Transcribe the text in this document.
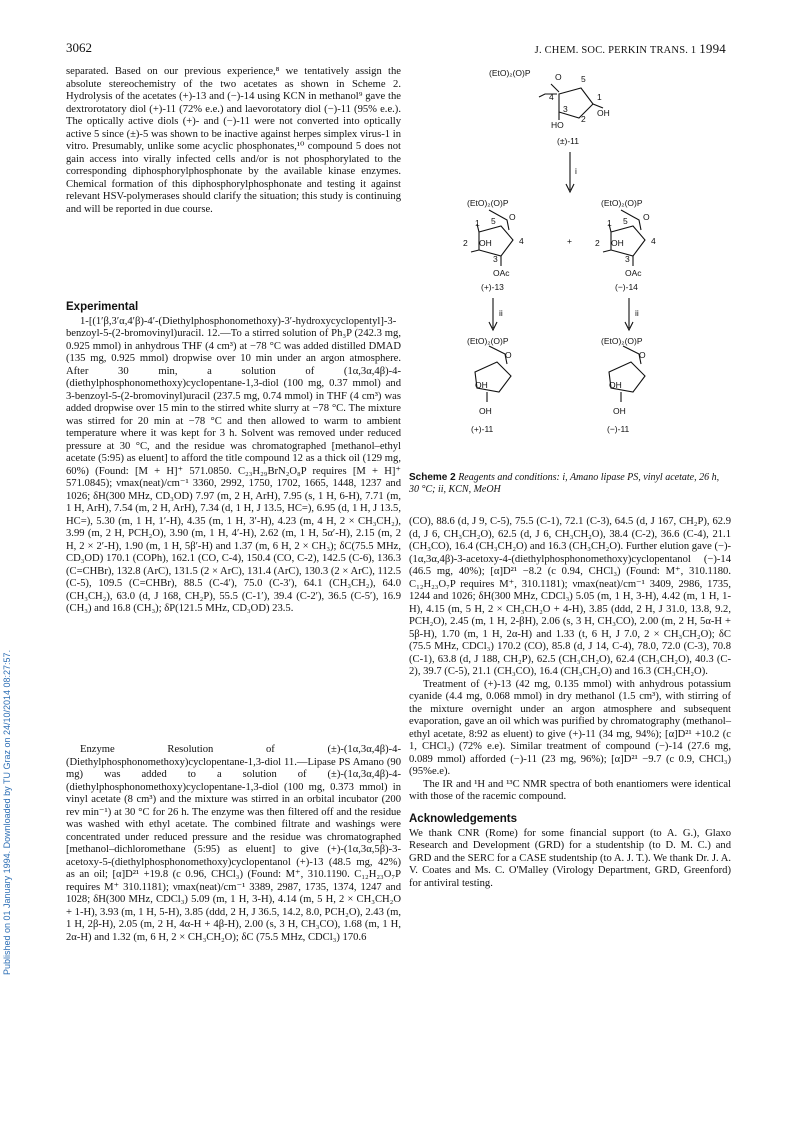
3062	J. CHEM. SOC. PERKIN TRANS. 1 1994
Published on 01 January 1994. Downloaded by TU Graz on 24/10/2014 08:27:57.

separated. Based on our previous experience,⁸ we tentatively assign the absolute stereochemistry of the two acetates as shown in Scheme 2. Hydrolysis of the acetates (+)-13 and (−)-14 using KCN in methanol⁹ gave the dextrorotatory diol (+)-11 (72% e.e.) and laevorotatory diol (−)-11 (95% e.e.). The optically active diols (+)- and (−)-11 were not converted into optically active 5 since (±)-5 was shown to be inactive against herpes simplex virus-1 in vitro. Presumably, unlike some acyclic phosphonates,¹⁰ compound 5 does not gain access into virally infected cells and/or is not phosphorylated to the corresponding diphosphorylphosphonate by the available kinase enzymes. Chemical formation of this diphosphorylphosphonate and testing it against relevant HSV-polymerases should clarify the situation; this study is continuing and will be reported in due course.

Experimental

1-[(1′β,3′α,4′β)-4′-(Diethylphosphonomethoxy)-3′-hydroxycyclopentyl]-3-benzoyl-5-(2-bromovinyl)uracil. 12.—To a stirred solution of Ph₃P (242.3 mg, 0.925 mmol) in anhydrous THF (4 cm³) at −78 °C was added distilled DMAD (135 mg, 0.925 mmol) dropwise over 10 min under an argon atmosphere. After 30 min, a solution of (1α,3α,4β)-4-(diethylphosphonomethoxy)cyclopentane-1,3-diol (100 mg, 0.37 mmol) and 3-benzoyl-5-(2-bromovinyl)uracil (237.5 mg, 0.74 mmol) in THF (4 cm³) was added dropwise over 15 min to the stirred white slurry at −78 °C. The mixture was stirred for 20 min at −78 °C and then allowed to warm to ambient temperature where it was kept for 3 h. Solvent was removed under reduced pressure at 30 °C, and the residue was chromatographed [methanol–ethyl acetate (5:95) as eluent] to afford the title compound 12 as a thick oil (129 mg, 60%) (Found: [M + H]⁺ 571.0850. C₂₃H₂₉BrN₂O₈P requires [M + H]⁺ 571.0845); νmax(neat)/cm⁻¹ 3360, 2992, 1750, 1702, 1665, 1448, 1237 and 1026; δH(300 MHz, CD₃OD) 7.97 (m, 2 H, ArH), 7.95 (s, 1 H, 6-H), 7.71 (m, 1 H, ArH), 7.54 (m, 2 H, ArH), 7.34 (d, 1 H, J 13.5, HC=), 6.95 (d, 1 H, J 13.5, HC=), 5.30 (m, 1 H, 1′-H), 4.35 (m, 1 H, 3′-H), 4.23 (m, 4 H, 2 × CH₃CH₂), 3.99 (m, 2 H, PCH₂O), 3.90 (m, 1 H, 4′-H), 2.62 (m, 1 H, 5α′-H), 2.15 (m, 2 H, 2 × 2′-H), 1.90 (m, 1 H, 5β′-H) and 1.37 (m, 6 H, 2 × CH₃); δC(75.5 MHz, CD₃OD) 170.1 (COPh), 162.1 (CO, C-4), 150.4 (CO, C-2), 142.5 (C-6), 136.3 (C=CHBr), 132.8 (ArC), 131.5 (2 × ArC), 131.4 (ArC), 130.3 (2 × ArC), 112.5 (C-5), 109.5 (C=CHBr), 88.5 (C-4′), 75.0 (C-3′), 64.1 (CH₃CH₂), 64.0 (CH₃CH₂), 63.0 (d, J 168, CH₂P), 55.5 (C-1′), 39.4 (C-2′), 36.5 (C-5′), 16.9 (CH₃) and 16.8 (CH₃); δP(121.5 MHz, CD₃OD) 23.5.

Enzyme Resolution of (±)-(1α,3α,4β)-4-(Diethylphosphonomethoxy)cyclopentane-1,3-diol 11.—Lipase PS Amano (90 mg) was added to a solution of (±)-(1α,3α,4β)-4-(diethylphosphonomethoxy)cyclopentane-1,3-diol (100 mg, 0.373 mmol) in vinyl acetate (8 cm³) and the mixture was stirred in an orbital incubator (200 rev min⁻¹) at 30 °C for 26 h. The enzyme was then filtered off and the residue was washed with ethyl acetate. The combined filtrate and washings were concentrated under reduced pressure and the residue was chromatographed [methanol–dichloromethane (5:95) as eluent] to give (+)-(1α,3α,5β)-3-acetoxy-5-(diethylphosphonomethoxy)cyclopentanol (+)-13 (48.5 mg, 42%) as an oil; [α]D²¹ +19.8 (c 0.96, CHCl₃) (Found: M⁺, 310.1190. C₁₂H₂₃O₇P requires M⁺ 310.1181); νmax(neat)/cm⁻¹ 3389, 2987, 1735, 1374, 1247 and 1028; δH(300 MHz, CDCl₃) 5.09 (m, 1 H, 3-H), 4.14 (m, 5 H, 2 × CH₃CH₂O + 1-H), 3.93 (m, 1 H, 5-H), 3.85 (ddd, 2 H, J 36.5, 14.2, 8.0, PCH₂O), 2.43 (m, 1 H, 2β-H), 2.05 (m, 2 H, 4α-H + 4β-H), 2.00 (s, 3 H, CH₃CO), 1.68 (m, 1 H, 2α-H) and 1.32 (m, 6 H, 2 × CH₃CH₂O); δC (75.5 MHz, CDCl₃) 170.6

(EtO)₂(O)P	O
4
5
1
3
2
OH
HO
(±)-11
i
(EtO)₂(O)P
O
1 5
2 OH	4
3
OAc
(+)-13
+
(EtO)₂(O)P
O
1 5
2 OH	4
3
OAc
(−)-14
ii	ii
(EtO)₂(O)P
O
OH
OH
(+)-11
(EtO)₂(O)P
O
OH
OH
(−)-11
Scheme 2 Reagents and conditions: i, Amano lipase PS, vinyl acetate, 26 h, 30 °C; ii, KCN, MeOH

(CO), 88.6 (d, J 9, C-5), 75.5 (C-1), 72.1 (C-3), 64.5 (d, J 167, CH₂P), 62.9 (d, J 6, CH₃CH₂O), 62.5 (d, J 6, CH₃CH₂O), 38.4 (C-2), 36.6 (C-4), 21.1 (CH₃CO), 16.4 (CH₃CH₂O) and 16.3 (CH₃CH₂O). Further elution gave (−)-(1α,3α,4β)-3-acetoxy-4-(diethylphosphonomethoxy)cyclopentanol (−)-14 (46.5 mg, 40%); [α]D²¹ −8.2 (c 0.94, CHCl₃) (Found: M⁺, 310.1180. C₁₂H₂₃O₇P requires M⁺, 310.1181); νmax(neat)/cm⁻¹ 3409, 2986, 1735, 1244 and 1026; δH(300 MHz, CDCl₃) 5.05 (m, 1 H, 3-H), 4.42 (m, 1 H, 1-H), 4.15 (m, 5 H, 2 × CH₃CH₂O + 4-H), 3.85 (ddd, 2 H, J 31.0, 13.8, 9.2, PCH₂O), 2.45 (m, 1 H, 2-βH), 2.06 (s, 3 H, CH₃CO), 2.00 (m, 2 H, 5α-H + 5β-H), 1.70 (m, 1 H, 2α-H) and 1.33 (t, 6 H, J 7.0, 2 × CH₃CH₂O); δC (75.5 MHz, CDCl₃) 170.2 (CO), 85.8 (d, J 14, C-4), 78.0, 72.0 (C-3), 70.8 (C-1), 63.8 (d, J 188, CH₂P), 62.5 (CH₃CH₂O), 62.4 (CH₃CH₂O), 40.3 (C-2), 39.7 (C-5), 21.1 (CH₃CO), 16.4 (CH₃CH₂O) and 16.3 (CH₃CH₂O).

Treatment of (+)-13 (42 mg, 0.135 mmol) with anhydrous potassium cyanide (4.4 mg, 0.068 mmol) in dry methanol (1.5 cm³), with stirring of the mixture overnight under an argon atmosphere and subsequent evaporation, gave an oil which was purified by chromatography (methanol–ethyl acetate, 8:92 as eluent) to give (+)-11 (34 mg, 94%); [α]D²¹ +10.2 (c 1, CHCl₃) (72% e.e). Similar treatment of compound (−)-14 (27.6 mg, 0.089 mmol) afforded (−)-11 (23 mg, 96%); [α]D²¹ −9.7 (c 0.9, CHCl₃) (95%e.e).

The IR and ¹H and ¹³C NMR spectra of both enantiomers were identical with those of the racemic compound.

Acknowledgements

We thank CNR (Rome) for some financial support (to A. G.), Glaxo Research and Development (GRD) for a studentship (to D. M. C.) and GRD and the SERC for a CASE studentship (to A. J. T.). We thank Dr. J. A. V. Coates and Ms. C. O'Malley (Virology Department, GRD, Greenford) for antiviral testing.
